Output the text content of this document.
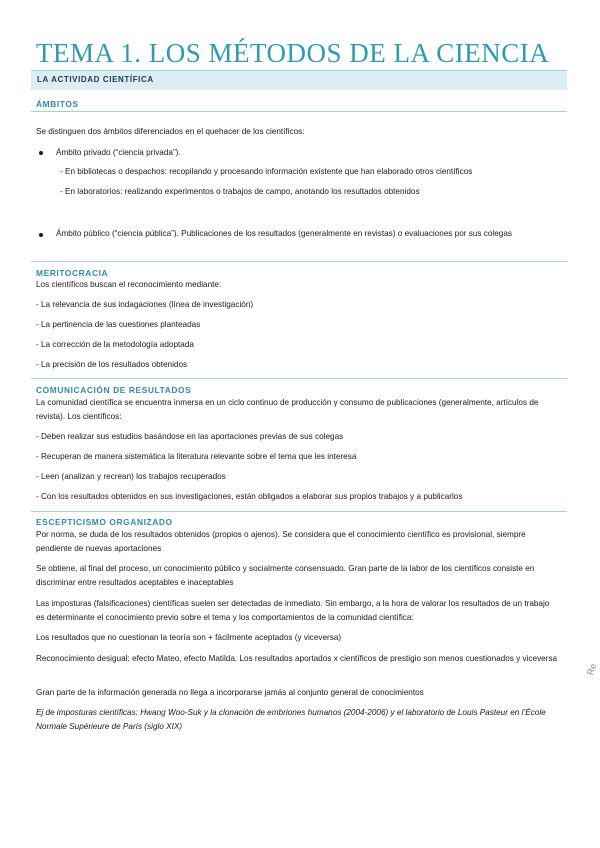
TEMA 1. LOS MÉTODOS DE LA CIENCIA
LA ACTIVIDAD CIENTÍFICA
ÁMBITOS
Se distinguen dos ámbitos diferenciados en el quehacer de los científicos:
Ámbito privado (“ciencia privada”).
- En bibliotecas o despachos: recopilando y procesando información existente que han elaborado otros científicos
- En laboratorios: realizando experimentos o trabajos de campo, anotando los resultados obtenidos
Ámbito público (“ciencia pública”). Publicaciones de los resultados (generalmente en revistas) o evaluaciones por sus colegas
MERITOCRACIA
Los científicos buscan el reconocimiento mediante:
- La relevancia de sus indagaciones (línea de investigación)
- La pertinencia de las cuestiones planteadas
- La corrección de la metodología adoptada
- La precisión de los resultados obtenidos
COMUNICACIÓN DE RESULTADOS
La comunidad científica se encuentra inmersa en un ciclo continuo de producción y consumo de publicaciones (generalmente, artículos de revista). Los científicos:
- Deben realizar sus estudios basándose en las aportaciones previas de sus colegas
- Recuperan de manera sistemática la literatura relevante sobre el tema que les interesa
- Leen (analizan y recrean) los trabajos recuperados
- Con los resultados obtenidos en sus investigaciones, están obligados a elaborar sus propios trabajos y a publicarlos
ESCEPTICISMO ORGANIZADO
Por norma, se duda de los resultados obtenidos (propios o ajenos). Se considera que el conocimiento científico es provisional, siempre pendiente de nuevas aportaciones
Se obtiene, al final del proceso, un conocimiento público y socialmente consensuado. Gran parte de la labor de los científicos consiste en discriminar entre resultados aceptables e inaceptables
Las imposturas (falsificaciones) científicas suelen ser detectadas de inmediato. Sin embargo, a la hora de valorar los resultados de un trabajo es determinante el conocimiento previo sobre el tema y los comportamientos de la comunidad científica:
Los resultados que no cuestionan la teoría son + fácilmente aceptados (y viceversa)
Reconocimiento desigual: efecto Mateo, efecto Matilda. Los resultados aportados x científicos de prestigio son menos cuestionados y viceversa
Gran parte de la información generada no llega a incorporarse jamás al conjunto general de conocimientos
Ej de imposturas científicas: Hwang Woo-Suk y la clonación de embriones humanos (2004-2006) y el laboratorio de Louis Pasteur en l’École Normale Supérieure de París (siglo XIX)
Re
